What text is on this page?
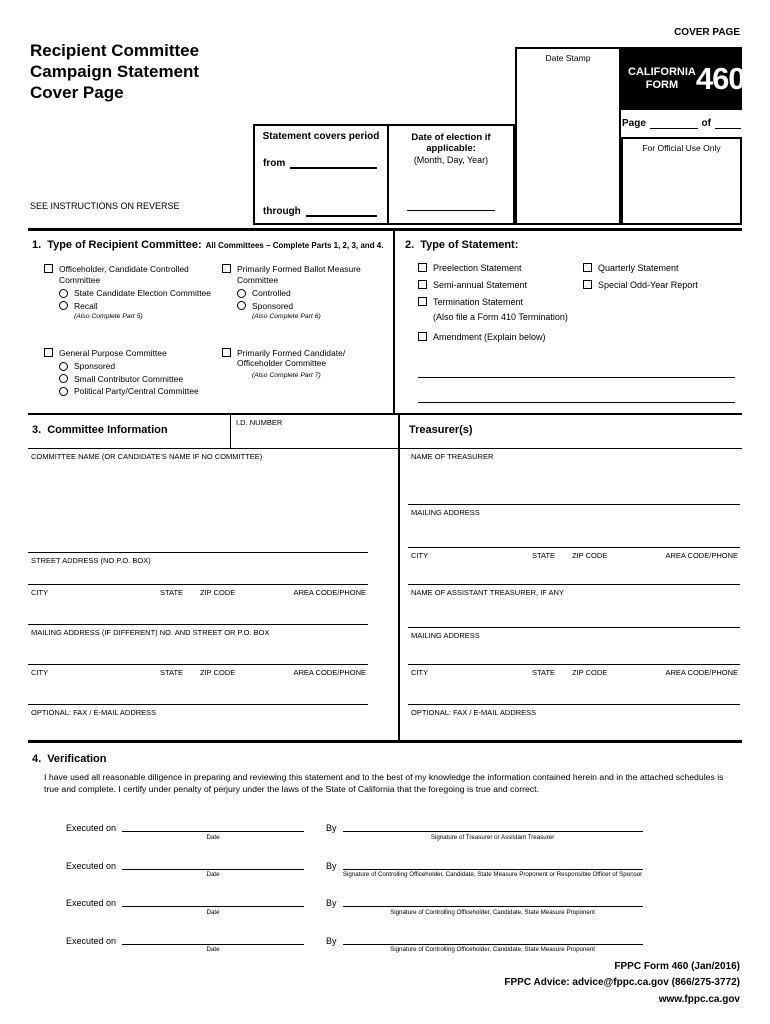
COVER PAGE
Recipient Committee
Campaign Statement
Cover Page
SEE INSTRUCTIONS ON REVERSE
Statement covers period
from
through
Date of election if applicable:
(Month, Day, Year)
Date Stamp
CALIFORNIA
FORM 460
Page	of
For Official Use Only
1. Type of Recipient Committee: All Committees – Complete Parts 1, 2, 3, and 4.
Officeholder, Candidate Controlled Committee
State Candidate Election Committee
Recall
(Also Complete Part 5)
General Purpose Committee
Sponsored
Small Contributor Committee
Political Party/Central Committee
Primarily Formed Ballot Measure
Committee
Controlled
Sponsored
(Also Complete Part 6)
Primarily Formed Candidate/
Officeholder Committee
(Also Complete Part 7)
2. Type of Statement:
Preelection Statement
Semi-annual Statement
Termination Statement
(Also file a Form 410 Termination)
Amendment (Explain below)
Quarterly Statement
Special Odd-Year Report
3. Committee Information
I.D. NUMBER
COMMITTEE NAME (OR CANDIDATE'S NAME IF NO COMMITTEE)
STREET ADDRESS (NO P.O. BOX)
CITY	STATE	ZIP CODE	AREA CODE/PHONE
MAILING ADDRESS (IF DIFFERENT) NO. AND STREET OR P.O. BOX
CITY	STATE	ZIP CODE	AREA CODE/PHONE
OPTIONAL: FAX / E-MAIL ADDRESS
Treasurer(s)
NAME OF TREASURER
MAILING ADDRESS
CITY	STATE	ZIP CODE	AREA CODE/PHONE
NAME OF ASSISTANT TREASURER, IF ANY
MAILING ADDRESS
CITY	STATE	ZIP CODE	AREA CODE/PHONE
OPTIONAL: FAX / E-MAIL ADDRESS
4. Verification
I have used all reasonable diligence in preparing and reviewing this statement and to the best of my knowledge the information contained herein and in the attached schedules is true and complete. I certify under penalty of perjury under the laws of the State of California that the foregoing is true and correct.
Executed on
Date
By
Signature of Treasurer or Assistant Treasurer
Executed on
Date
By
Signature of Controlling Officeholder, Candidate, State Measure Proponent or Responsible Officer of Sponsor
Executed on
Date
By
Signature of Controlling Officeholder, Candidate, State Measure Proponent
Executed on
Date
By
Signature of Controlling Officeholder, Candidate, State Measure Proponent
FPPC Form 460 (Jan/2016)
FPPC Advice: advice@fppc.ca.gov (866/275-3772)
www.fppc.ca.gov
